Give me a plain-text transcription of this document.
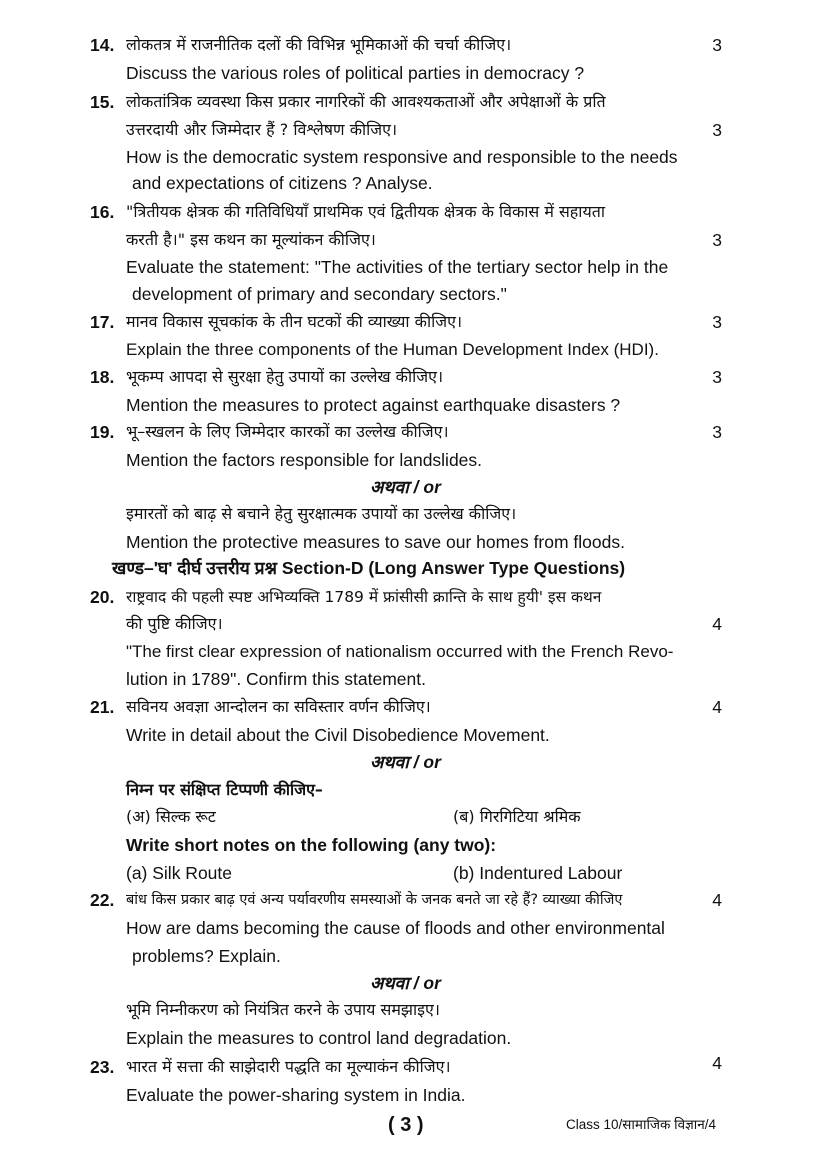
14. लोकतत्र में राजनीतिक दलों की विभिन्न भूमिकाओं की चर्चा कीजिए।	3
Discuss the various roles of political parties in democracy ?
15. लोकतांत्रिक व्यवस्था किस प्रकार नागरिकों की आवश्यकताओं और अपेक्षाओं के प्रति
उत्तरदायी और जिम्मेदार हैं ? विश्लेषण कीजिए।	3
How is the democratic system responsive and responsible to the needs
and expectations of citizens ? Analyse.
16. "त्रितीयक क्षेत्रक की गतिविधियाँ प्राथमिक एवं द्वितीयक क्षेत्रक के विकास में सहायता
करती है।" इस कथन का मूल्यांकन कीजिए।	3
Evaluate the statement: "The activities of the tertiary sector help in the
development of primary and secondary sectors."
17. मानव विकास सूचकांक के तीन घटकों की व्याख्या कीजिए।	3
Explain the three components of the Human Development Index (HDI).
18. भूकम्प आपदा से सुरक्षा हेतु उपायों का उल्लेख कीजिए।	3
Mention the measures to protect against earthquake disasters ?
19. भू–स्खलन के लिए जिम्मेदार कारकों का उल्लेख कीजिए।	3
Mention the factors responsible for landslides.
अथवा / or
इमारतों को बाढ़ से बचाने हेतु सुरक्षात्मक उपायों का उल्लेख कीजिए।
Mention the protective measures to save our homes from floods.
खण्ड–'घ' दीर्घ उत्तरीय प्रश्न Section-D (Long Answer Type Questions)
20. राष्ट्रवाद की पहली स्पष्ट अभिव्यक्ति 1789 में फ्रांसीसी क्रान्ति के साथ हुयी' इस कथन
की पुष्टि कीजिए।	4
"The first clear expression of nationalism occurred with the French Revo-
lution in 1789". Confirm this statement.
21. सविनय अवज्ञा आन्दोलन का सविस्तार वर्णन कीजिए।	4
Write in detail about the Civil Disobedience Movement.
अथवा / or
निम्न पर संक्षिप्त टिप्पणी कीजिए–
(अ) सिल्क रूट	(ब) गिरगिटिया श्रमिक
Write short notes on the following (any two):
(a) Silk Route	(b) Indentured Labour
22. बांध किस प्रकार बाढ़ एवं अन्य पर्यावरणीय समस्याओं के जनक बनते जा रहे हैं? व्याख्या कीजिए	4
How are dams becoming the cause of floods and other environmental
problems? Explain.
अथवा / or
भूमि निम्नीकरण को नियंत्रित करने के उपाय समझाइए।
Explain the measures to control land degradation.
23. भारत में सत्ता की साझेदारी पद्धति का मूल्याकंन कीजिए।	4
Evaluate the power-sharing system in India.
( 3 )	Class 10/सामाजिक विज्ञान/4
